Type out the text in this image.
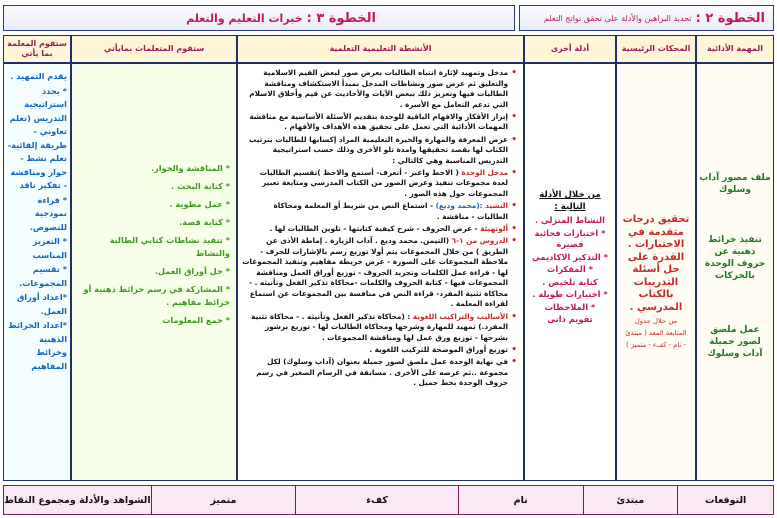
الخطوة ٢ :
تحديد البراهين والأدلة على تحقق نواتج التعلم
الخطوة ٣ :
خبرات التعليم والتعلم
المهمة الأدائية
المحكات الرئيسية
أدلة أخرى
الأنشطة التعليمية التعلمية
ستقوم المتعلمات بمايأتي
ستقوم المعلمة بما يأتي

ملف مصور آداب وسلوك

تنفيذ خرائط ذهنية عن حروف الوحدة بالحركات

عمل ملصق لصور جميلة آداب وسلوك

تحقيق درجات متقدمة في الاختبارات . القدرة على حل أسئلة التدريبات بالكتاب المدرسي .
من خلال جدول
المتابعة المعد ( مبتدئ
- نام - كفء - متميز )
من خلال الأدلة التالية :

النشاط المنزلي .

* اختبارات فجائية قصيرة

* التذكير الاكاديمي

* المفكرات

كتابة تلخيص .

* اختبارات طويلة .

* الملاحظات

تقويم ذاتي

• مدخل وتمهيد لإثارة انتباه الطالبات بعرض صور لبعض القيم الاسلامية والتعليق ثم عرض صور ونشاطات المدخل بمبدأ الاستكشاف ومناقشة الطالبات فيها وتعزيز ذلك ببعض الآيات والأحاديث عن قيم وأخلاق الاسلام التي تدعم التعامل مع الأسرة .

• إبراز الأفكار والافهام الباقية للوحدة بتقديم الأسئلة الأساسية مع مناقشة المهمات الأدائية التي تعمل على تحقيق هذه الأهداف والأفهام .

• عرض المعرفة والمهارة والخبرة التعليمية المراد إكسابها للطالبات بترتيب الكتاب لها بقصد تحقيقها وامدة تلو الأخرى وذلك حسب استراتيجية التدريس المناسبة وهي كالتالي :

• مدخل الوحدة ( الاحظ واعبر - أتعرف- أستمع والاحظ )تقسيم الطالبات لعدة مجموعات تنفيذ وعرض الصور من الكتاب المدرسي ومتابعة تعبير المجموعات حول هذه الصور .

• النشيد :(محمد وديع) - استماع النص من شريط أو المعلمة ومحاكاة الطالبات - مناقشة .

• ألوتهيئة - عرض الحروف - شرح كيفية كتابتها - تلوين الطالبات لها .

• الدروس من ١-٦ (التيمن. محمد وديع . آداب الزيارة . إماطة الأذى عن الطريق ) من خلال المجموعات يتم أولا توزيع رسم بالإشارات للحرف - ملاحظة المجموعات على الصورة - عرض خريطة مفاهيم وتنفيذ المجموعات لها - قراءة عمل الكلمات وتجريد الحروف - توزيع أوراق العمل ومناقشة المجموعات فيها - كتابة الحروف والكلمات -محاكاة تذكير الفعل وتأنيثه . - محاكاة تثنية المفرد- قراءة النص في منافسة بين المجموعات عن استماع لقراءة المعلمة .

• الأساليب والتراكيب اللغوية : (محاكاة تذكير الفعل وتأنيثه . - محاكاة تثنية المفرد.) تمهيد للمهارة وشرحها ومحاكاة الطالبات لها - توزيع برشور بشرحها - توزيع ورق عمل لها ومناقشة المجموعات .

• توزيع أوراق الموضحة للتركيب اللغوية .

• في نهاية الوحدة عمل ملصق لصور جميلة بعنوان (آداب وسلوك) لكل مجموعة ..ثم عرضه على الأخرى . مسابقة في الرسام الصغير في رسم حروف الوحدة بخط جميل .

* المناقشة والحوار.

* كتابة البحث .

* عمل مطوية .

* كتابة قصة.

* تنفيذ نشاطات كتابي الطالبة والنشاط

* حل أوراق العمل.

* المشاركة في رسم خرائط ذهنية أو خرائط مفاهيم .

* جمع المعلومات

يقدم التمهيد .

* يحدد استراتيجية التدريس (تعلم تعاوني - طريقة إلقائية- تعلم نشط - حوار ومناقشة - تفكير ناقد

* قراءة نموذجية للنصوص.

* التعزيز المناسب

* تقسيم المجموعات.

*اعداد أوراق العمل.

*اعداد الخرائط الذهنية وخرائط المفاهيم

التوقعات
مبتدئ
نام
كفء
متميز
الشواهد والأدلة ومجموع النقاط
